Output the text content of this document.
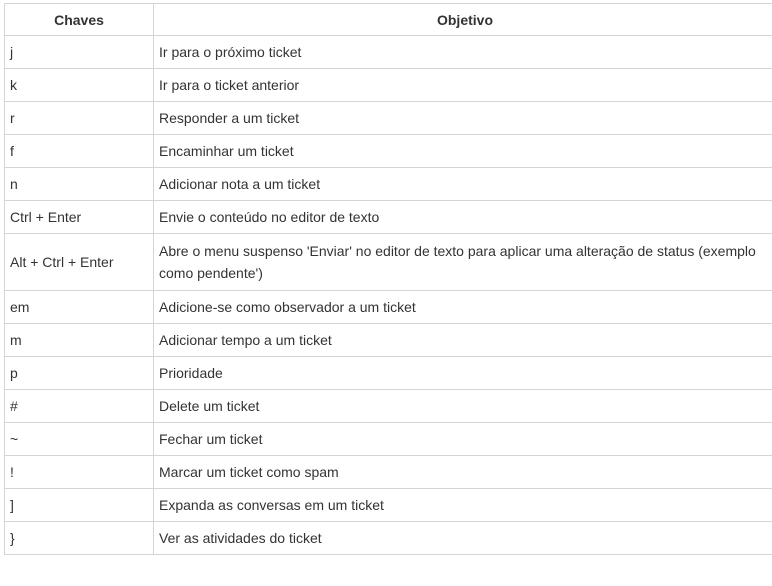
Chaves	Objetivo
j	Ir para o próximo ticket
k	Ir para o ticket anterior
r	Responder a um ticket
f	Encaminhar um ticket
n	Adicionar nota a um ticket
Ctrl + Enter	Envie o conteúdo no editor de texto
Alt + Ctrl + Enter	Abre o menu suspenso 'Enviar' no editor de texto para aplicar uma alteração de status (exemplo como pendente')
em	Adicione-se como observador a um ticket
m	Adicionar tempo a um ticket
p	Prioridade
#	Delete um ticket
~	Fechar um ticket
!	Marcar um ticket como spam
]	Expanda as conversas em um ticket
}	Ver as atividades do ticket
